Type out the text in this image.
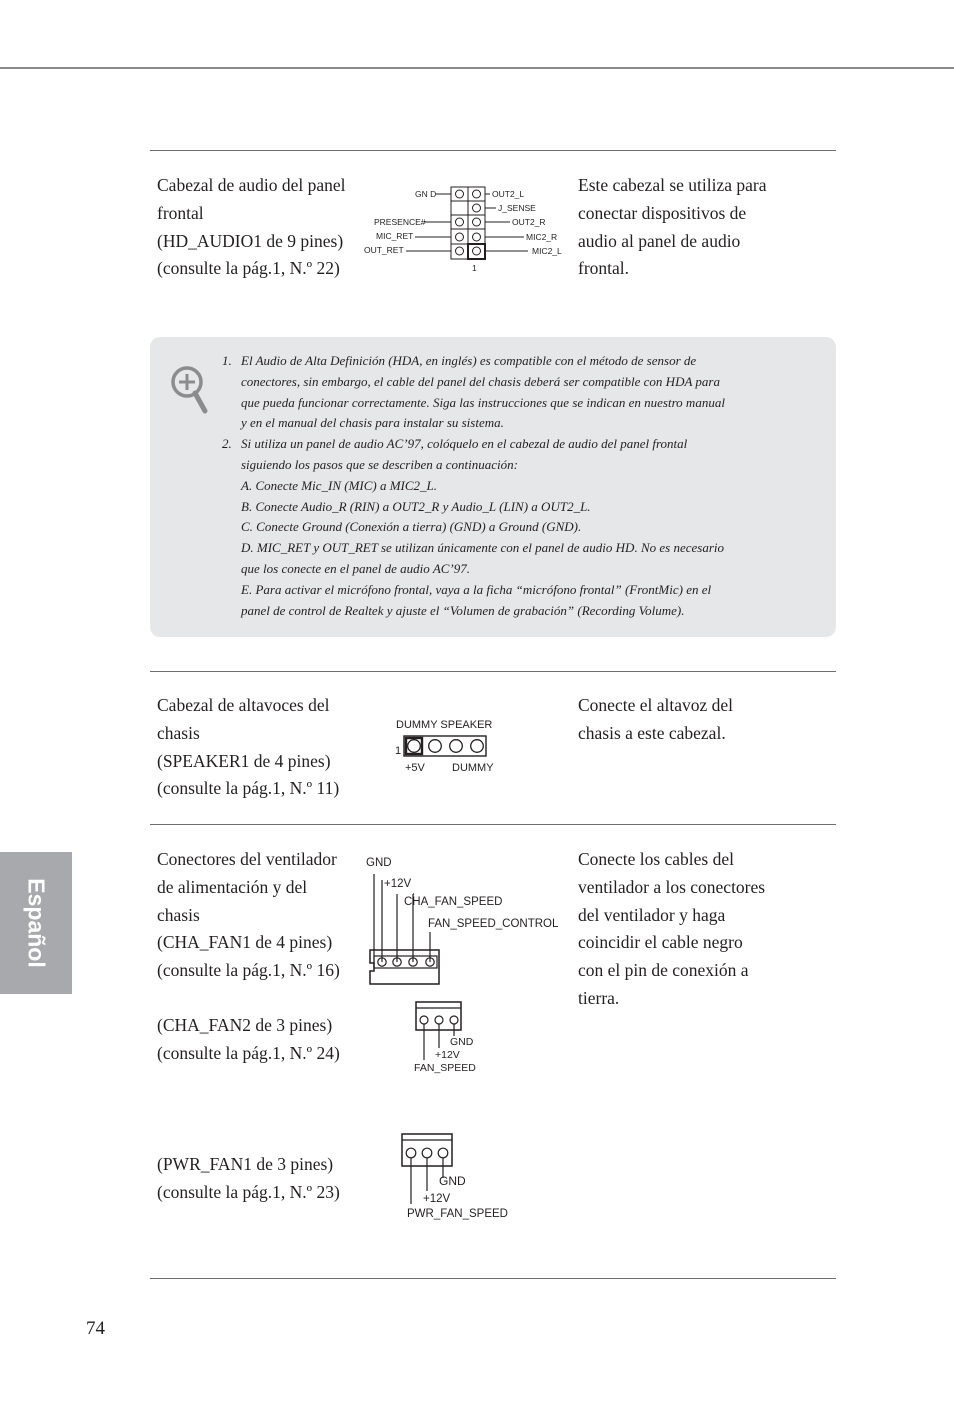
Cabezal de audio del panel
frontal
(HD_AUDIO1 de 9 pines)
(consulte la pág.1, N.º 22)
Este cabezal se utiliza para
conectar dispositivos de
audio al panel de audio
frontal.
GN D	OUT2_L
J_SENSE
PRESENCE#	OUT2_R
MIC_RET	MIC2_R
OUT_RET	MIC2_L
1
1. El Audio de Alta Definición (HDA, en inglés) es compatible con el método de sensor de
conectores, sin embargo, el cable del panel del chasis deberá ser compatible con HDA para
que pueda funcionar correctamente. Siga las instrucciones que se indican en nuestro manual
y en el manual del chasis para instalar su sistema.
2. Si utiliza un panel de audio AC’97, colóquelo en el cabezal de audio del panel frontal
siguiendo los pasos que se describen a continuación:
A. Conecte Mic_IN (MIC) a MIC2_L.
B. Conecte Audio_R (RIN) a OUT2_R y Audio_L (LIN) a OUT2_L.
C. Conecte Ground (Conexión a tierra) (GND) a Ground (GND).
D. MIC_RET y OUT_RET se utilizan únicamente con el panel de audio HD. No es necesario
que los conecte en el panel de audio AC’97.
E. Para activar el micrófono frontal, vaya a la ficha “micrófono frontal” (FrontMic) en el
panel de control de Realtek y ajuste el “Volumen de grabación” (Recording Volume).
Cabezal de altavoces del
chasis
(SPEAKER1 de 4 pines)
(consulte la pág.1, N.º 11)
Conecte el altavoz del
chasis a este cabezal.
DUMMY SPEAKER
1
+5V DUMMY
Conectores del ventilador
de alimentación y del
chasis
(CHA_FAN1 de 4 pines)
(consulte la pág.1, N.º 16)
(CHA_FAN2 de 3 pines)
(consulte la pág.1, N.º 24)
(PWR_FAN1 de 3 pines)
(consulte la pág.1, N.º 23)
Conecte los cables del
ventilador a los conectores
del ventilador y haga
coincidir el cable negro
con el pin de conexión a
tierra.
GND
+12V
CHA_FAN_SPEED
FAN_SPEED_CONTROL
GND
+12V
FAN_SPEED
GND
+12V
PWR_FAN_SPEED
Español
74
